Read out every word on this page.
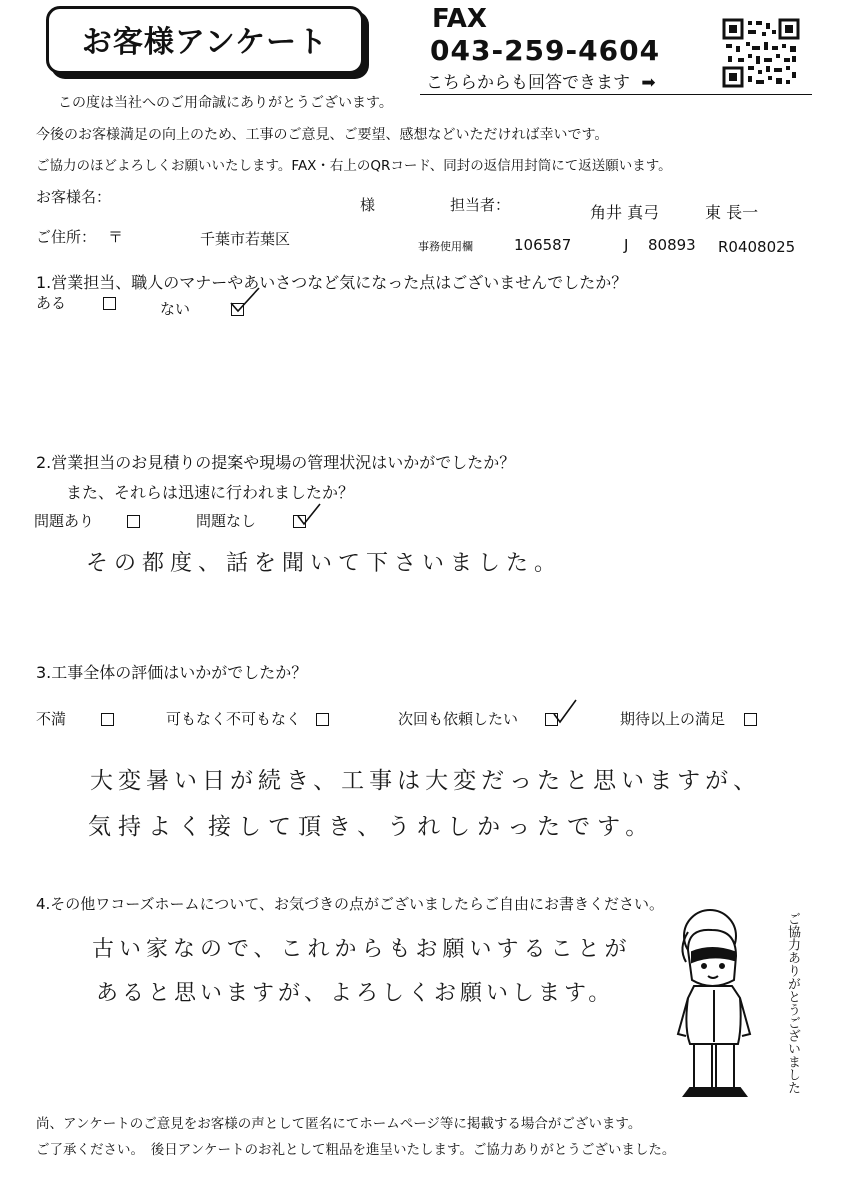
お客様アンケート
FAX
043-259-4604
こちらからも回答できます ➡
この度は当社へのご用命誠にありがとうございます。
今後のお客様満足の向上のため、工事のご意見、ご要望、感想などいただければ幸いです。
ご協力のほどよろしくお願いいたします。FAX・右上のQRコード、同封の返信用封筒にて返送願います。
お客様名：	様	担当者：	角井 真弓	東 長一
ご住所： 〒	千葉市若葉区	事務使用欄	106587	J 80893 R0408025
1.営業担当、職人のマナーやあいさつなど気になった点はございませんでしたか？
ある	ない
2.営業担当のお見積りの提案や現場の管理状況はいかがでしたか？
また、それらは迅速に行われましたか？
問題あり	問題なし
その都度、話を聞いて下さいました。
3.工事全体の評価はいかがでしたか？
不満	可もなく不可もなく	次回も依頼したい	期待以上の満足
大変暑い日が続き、工事は大変だったと思いますが、
気持よく接して頂き、うれしかったです。
4.その他ワコーズホームについて、お気づきの点がございましたらご自由にお書きください。
古い家なので、これからもお願いすることが
あると思いますが、よろしくお願いします。	ご協力ありがとうございました
尚、アンケートのご意見をお客様の声として匿名にてホームページ等に掲載する場合がございます。
ご了承ください。　後日アンケートのお礼として粗品を進呈いたします。ご協力ありがとうございました。
